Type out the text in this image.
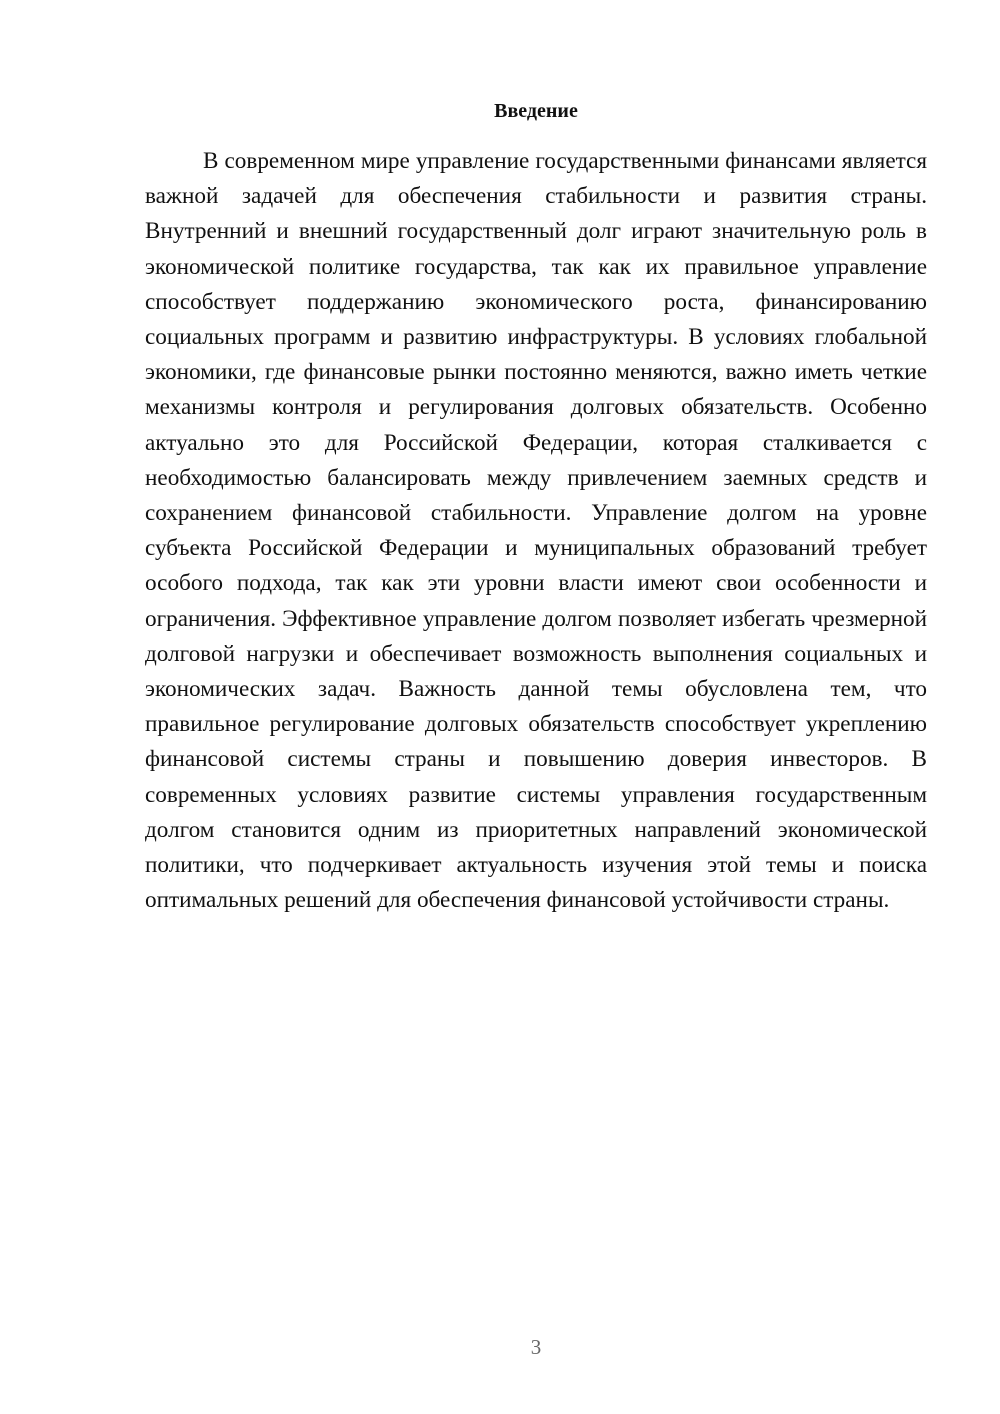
Введение

В современном мире управление государственными финансами является важной задачей для обеспечения стабильности и развития страны. Внутренний и внешний государственный долг играют значительную роль в экономической политике государства, так как их правильное управление способствует поддержанию экономического роста, финансированию социальных программ и развитию инфраструктуры. В условиях глобальной экономики, где финансовые рынки постоянно меняются, важно иметь четкие механизмы контроля и регулирования долговых обязательств. Особенно актуально это для Российской Федерации, которая сталкивается с необходимостью балансировать между привлечением заемных средств и сохранением финансовой стабильности. Управление долгом на уровне субъекта Российской Федерации и муниципальных образований требует особого подхода, так как эти уровни власти имеют свои особенности и ограничения. Эффективное управление долгом позволяет избегать чрезмерной долговой нагрузки и обеспечивает возможность выполнения социальных и экономических задач. Важность данной темы обусловлена тем, что правильное регулирование долговых обязательств способствует укреплению финансовой системы страны и повышению доверия инвесторов. В современных условиях развитие системы управления государственным долгом становится одним из приоритетных направлений экономической политики, что подчеркивает актуальность изучения этой темы и поиска оптимальных решений для обеспечения финансовой устойчивости страны.

3
